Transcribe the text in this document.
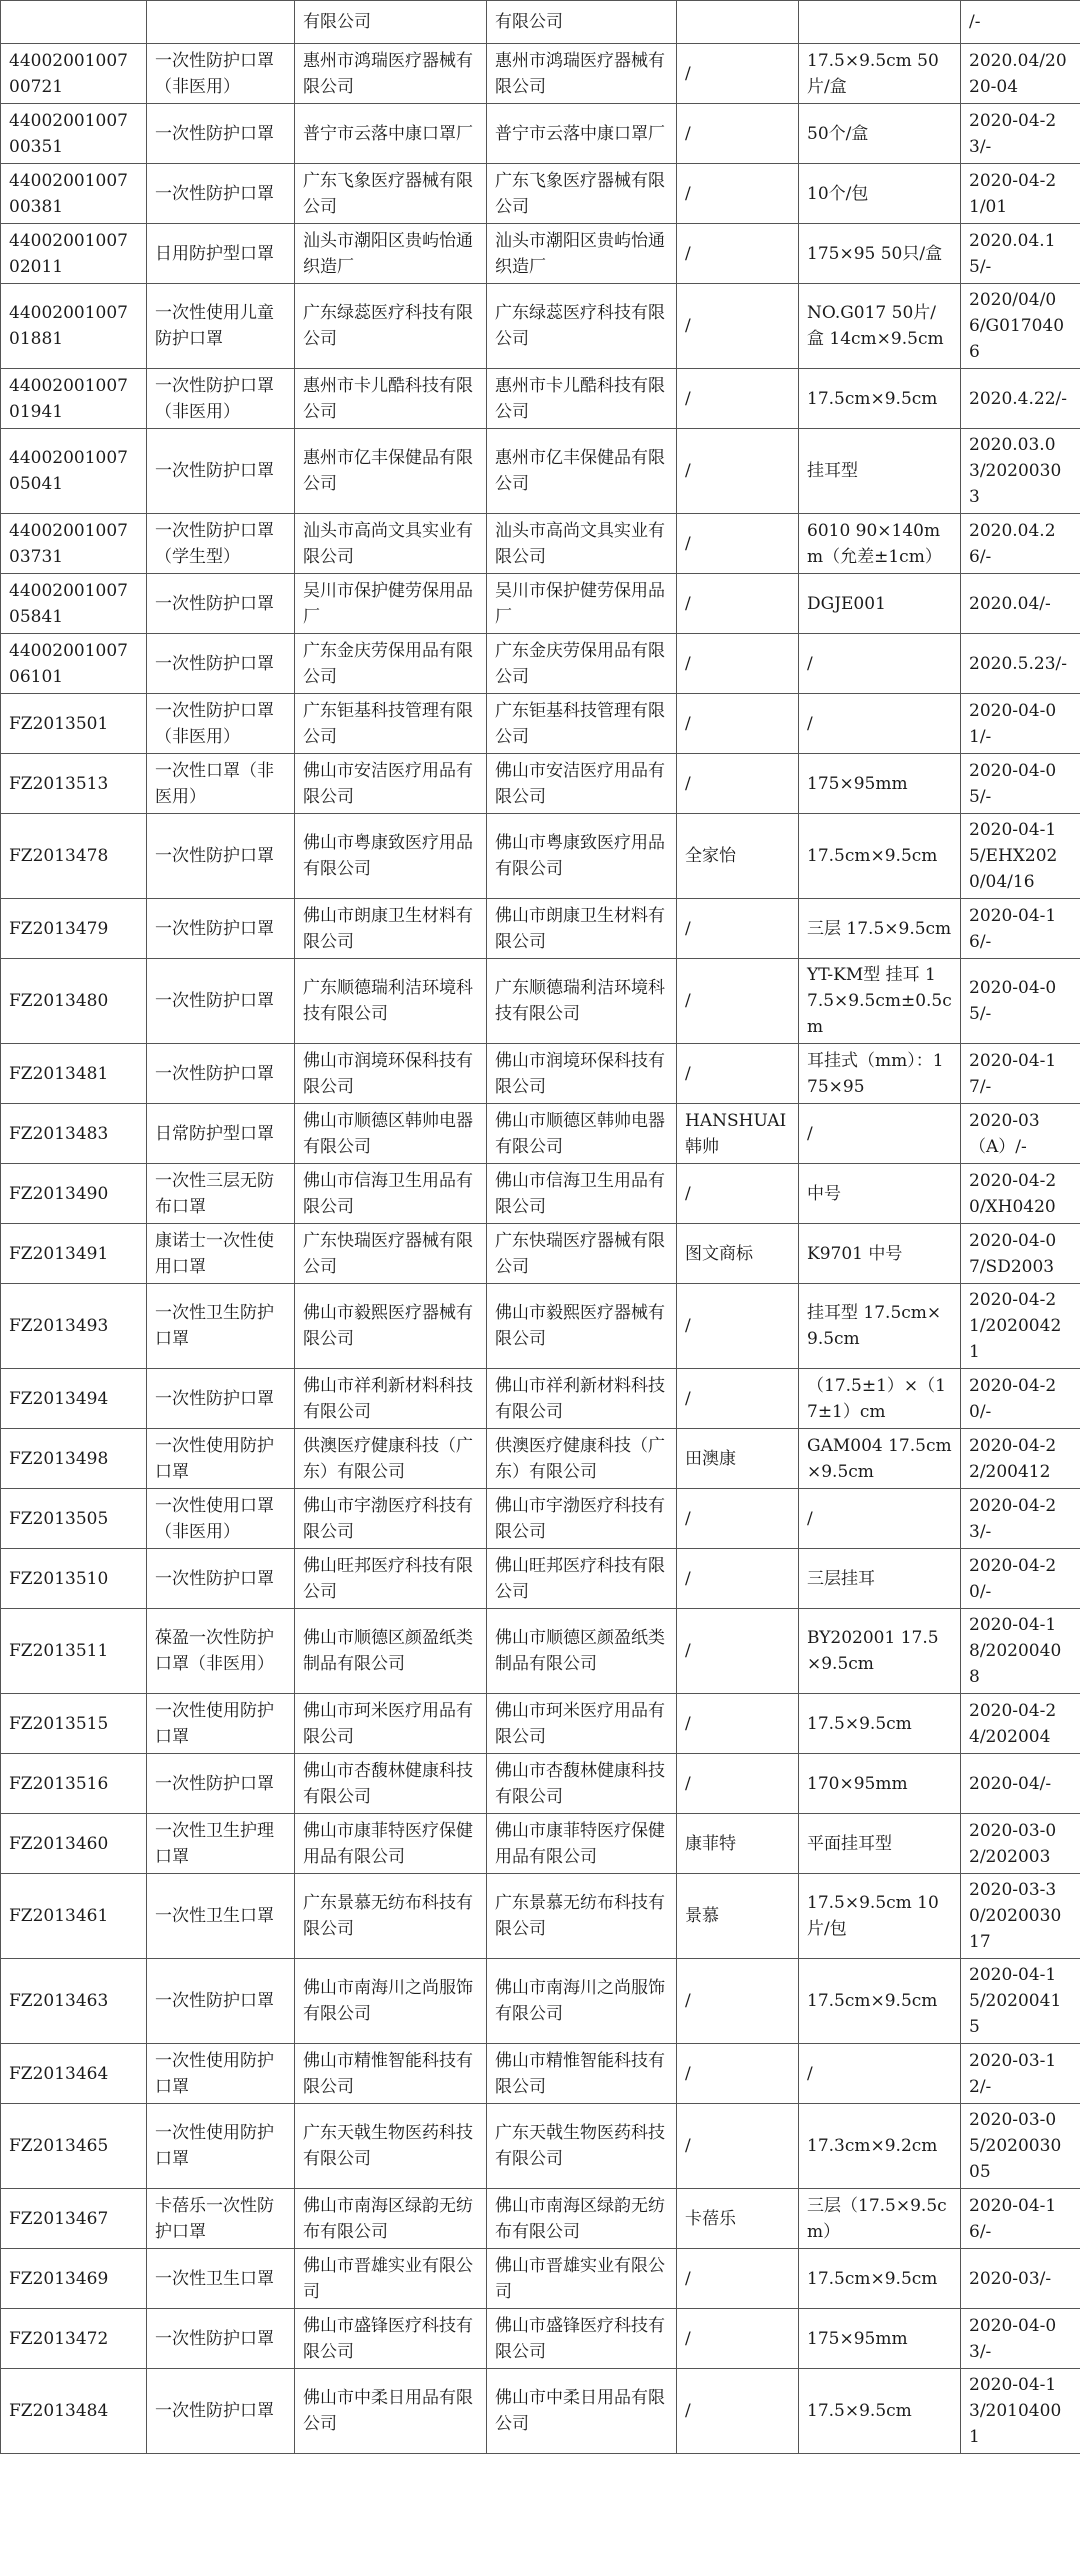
		有限公司	有限公司			/-
4400200100700721	一次性防护口罩（非医用）	惠州市鸿瑞医疗器械有限公司	惠州市鸿瑞医疗器械有限公司	/	17.5×9.5cm 50片/盒	2020.04/2020-04
4400200100700351	一次性防护口罩	普宁市云落中康口罩厂	普宁市云落中康口罩厂	/	50个/盒	2020-04-23/-
4400200100700381	一次性防护口罩	广东飞象医疗器械有限公司	广东飞象医疗器械有限公司	/	10个/包	2020-04-21/01
4400200100702011	日用防护型口罩	汕头市潮阳区贵屿怡通织造厂	汕头市潮阳区贵屿怡通织造厂	/	175×95 50只/盒	2020.04.15/-
4400200100701881	一次性使用儿童防护口罩	广东绿蕊医疗科技有限公司	广东绿蕊医疗科技有限公司	/	NO.G017 50片/盒 14cm×9.5cm	2020/04/06/G0170406
4400200100701941	一次性防护口罩（非医用）	惠州市卡儿酷科技有限公司	惠州市卡儿酷科技有限公司	/	17.5cm×9.5cm	2020.4.22/-
4400200100705041	一次性防护口罩	惠州市亿丰保健品有限公司	惠州市亿丰保健品有限公司	/	挂耳型	2020.03.03/20200303
4400200100703731	一次性防护口罩（学生型）	汕头市高尚文具实业有限公司	汕头市高尚文具实业有限公司	/	6010 90×140mm（允差±1cm）	2020.04.26/-
4400200100705841	一次性防护口罩	吴川市保护健劳保用品厂	吴川市保护健劳保用品厂	/	DGJE001	2020.04/-
4400200100706101	一次性防护口罩	广东金庆劳保用品有限公司	广东金庆劳保用品有限公司	/	/	2020.5.23/-
FZ2013501	一次性防护口罩（非医用）	广东钜基科技管理有限公司	广东钜基科技管理有限公司	/	/	2020-04-01/-
FZ2013513	一次性口罩（非医用）	佛山市安洁医疗用品有限公司	佛山市安洁医疗用品有限公司	/	175×95mm	2020-04-05/-
FZ2013478	一次性防护口罩	佛山市粤康致医疗用品有限公司	佛山市粤康致医疗用品有限公司	全家怡	17.5cm×9.5cm	2020-04-15/EHX2020/04/16
FZ2013479	一次性防护口罩	佛山市朗康卫生材料有限公司	佛山市朗康卫生材料有限公司	/	三层 17.5×9.5cm	2020-04-16/-
FZ2013480	一次性防护口罩	广东顺德瑞利洁环境科技有限公司	广东顺德瑞利洁环境科技有限公司	/	YT-KM型 挂耳 17.5×9.5cm±0.5cm	2020-04-05/-
FZ2013481	一次性防护口罩	佛山市润境环保科技有限公司	佛山市润境环保科技有限公司	/	耳挂式（mm）：175×95	2020-04-17/-
FZ2013483	日常防护型口罩	佛山市顺德区韩帅电器有限公司	佛山市顺德区韩帅电器有限公司	HANSHUAI 韩帅	/	2020-03（A）/-
FZ2013490	一次性三层无防布口罩	佛山市信海卫生用品有限公司	佛山市信海卫生用品有限公司	/	中号	2020-04-20/XH0420
FZ2013491	康诺士一次性使用口罩	广东快瑞医疗器械有限公司	广东快瑞医疗器械有限公司	图文商标	K9701 中号	2020-04-07/SD2003
FZ2013493	一次性卫生防护口罩	佛山市毅熙医疗器械有限公司	佛山市毅熙医疗器械有限公司	/	挂耳型 17.5cm×9.5cm	2020-04-21/20200421
FZ2013494	一次性防护口罩	佛山市祥利新材料科技有限公司	佛山市祥利新材料科技有限公司	/	（17.5±1）×（17±1）cm	2020-04-20/-
FZ2013498	一次性使用防护口罩	供澳医疗健康科技（广东）有限公司	供澳医疗健康科技（广东）有限公司	田澳康	GAM004 17.5cm×9.5cm	2020-04-22/200412
FZ2013505	一次性使用口罩（非医用）	佛山市宇渤医疗科技有限公司	佛山市宇渤医疗科技有限公司	/	/	2020-04-23/-
FZ2013510	一次性防护口罩	佛山旺邦医疗科技有限公司	佛山旺邦医疗科技有限公司	/	三层挂耳	2020-04-20/-
FZ2013511	葆盈一次性防护口罩（非医用）	佛山市顺德区颜盈纸类制品有限公司	佛山市顺德区颜盈纸类制品有限公司	/	BY202001 17.5×9.5cm	2020-04-18/20200408
FZ2013515	一次性使用防护口罩	佛山市珂米医疗用品有限公司	佛山市珂米医疗用品有限公司	/	17.5×9.5cm	2020-04-24/202004
FZ2013516	一次性防护口罩	佛山市杏馥林健康科技有限公司	佛山市杏馥林健康科技有限公司	/	170×95mm	2020-04/-
FZ2013460	一次性卫生护理口罩	佛山市康菲特医疗保健用品有限公司	佛山市康菲特医疗保健用品有限公司	康菲特	平面挂耳型	2020-03-02/202003
FZ2013461	一次性卫生口罩	广东景慕无纺布科技有限公司	广东景慕无纺布科技有限公司	景慕	17.5×9.5cm 10片/包	2020-03-30/202003017
FZ2013463	一次性防护口罩	佛山市南海川之尚服饰有限公司	佛山市南海川之尚服饰有限公司	/	17.5cm×9.5cm	2020-04-15/20200415
FZ2013464	一次性使用防护口罩	佛山市精惟智能科技有限公司	佛山市精惟智能科技有限公司	/	/	2020-03-12/-
FZ2013465	一次性使用防护口罩	广东天戟生物医药科技有限公司	广东天戟生物医药科技有限公司	/	17.3cm×9.2cm	2020-03-05/202003005
FZ2013467	卡蓓乐一次性防护口罩	佛山市南海区绿韵无纺布有限公司	佛山市南海区绿韵无纺布有限公司	卡蓓乐	三层（17.5×9.5cm）	2020-04-16/-
FZ2013469	一次性卫生口罩	佛山市晋雄实业有限公司	佛山市晋雄实业有限公司	/	17.5cm×9.5cm	2020-03/-
FZ2013472	一次性防护口罩	佛山市盛锋医疗科技有限公司	佛山市盛锋医疗科技有限公司	/	175×95mm	2020-04-03/-
FZ2013484	一次性防护口罩	佛山市中柔日用品有限公司	佛山市中柔日用品有限公司	/	17.5×9.5cm	2020-04-13/20104001
